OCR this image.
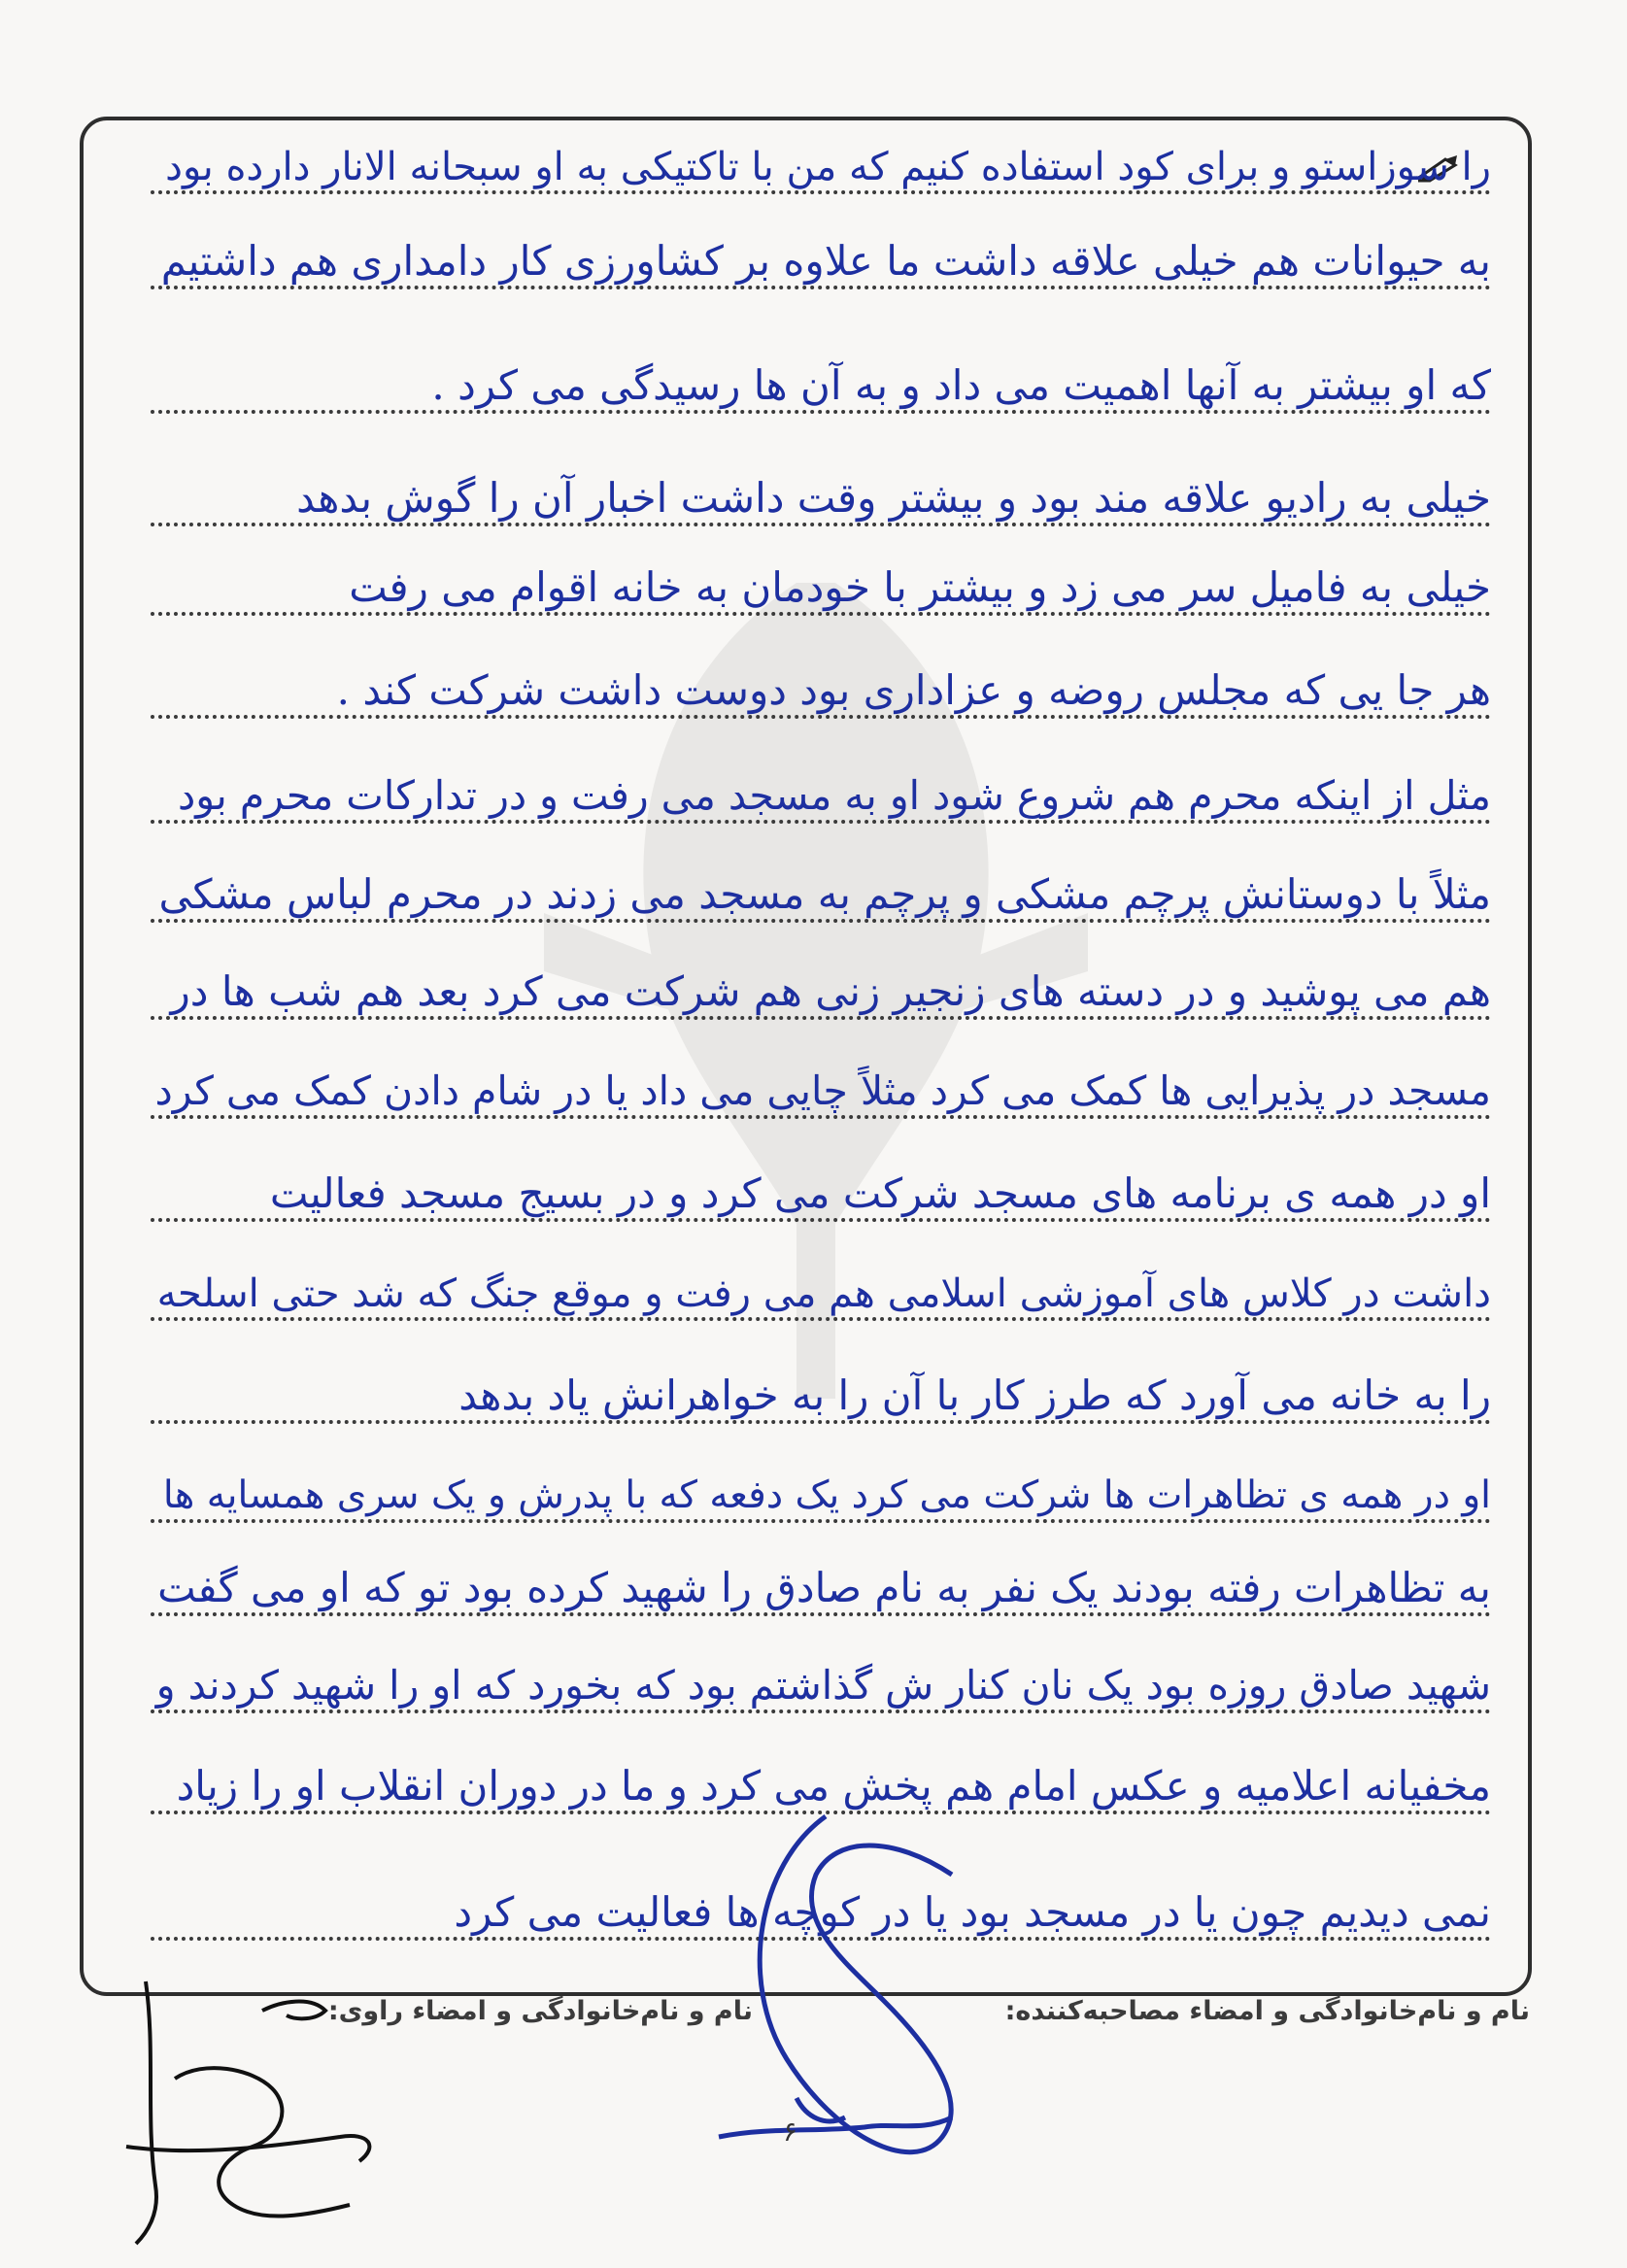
را سوزاستو و برای کود استفاده کنیم که من با تاکتیکی به او سبحانه الانار دارده بود
به حیوانات هم خیلی علاقه داشت ما علاوه بر کشاورزی کار دامداری هم داشتیم
که او بیشتر به آنها اهمیت می داد و به آن ها رسیدگی می کرد .
خیلی به رادیو علاقه مند بود و بیشتر وقت داشت اخبار آن را گوش بدهد
خیلی به فامیل سر می زد و بیشتر با خودمان به خانه اقوام می رفت
هر جا یی که مجلس روضه و عزاداری بود دوست داشت شرکت کند .
مثل از اینکه محرم هم شروع شود او به مسجد می رفت و در تدارکات محرم بود
مثلاً با دوستانش پرچم مشکی و پرچم به مسجد می زدند در محرم لباس مشکی
هم می پوشید و در دسته های زنجیر زنی هم شرکت می کرد بعد هم شب ها در
مسجد در پذیرایی ها کمک می کرد مثلاً چایی می داد یا در شام دادن کمک می کرد
او در همه ی برنامه های مسجد شرکت می کرد و در بسیج مسجد فعالیت
داشت در کلاس های آموزشی اسلامی هم می رفت و موقع جنگ که شد حتی اسلحه
را به خانه می آورد که طرز کار با آن را به خواهرانش یاد بدهد
او در همه ی تظاهرات ها شرکت می کرد یک دفعه که با پدرش و یک سری همسایه ها
به تظاهرات رفته بودند یک نفر به نام صادق را شهید کرده بود تو که او می گفت
شهید صادق روزه بود یک نان کنار ش گذاشتم بود که بخورد که او را شهید کردند و
مخفیانه اعلامیه و عکس امام هم پخش می کرد و ما در دوران انقلاب او را زیاد
نمی دیدیم چون یا در مسجد بود یا در کوچه ها فعالیت می کرد
نام و نام‌خانوادگی و امضاء مصاحبه‌کننده:
نام و نام‌خانوادگی و امضاء راوی:
۶
